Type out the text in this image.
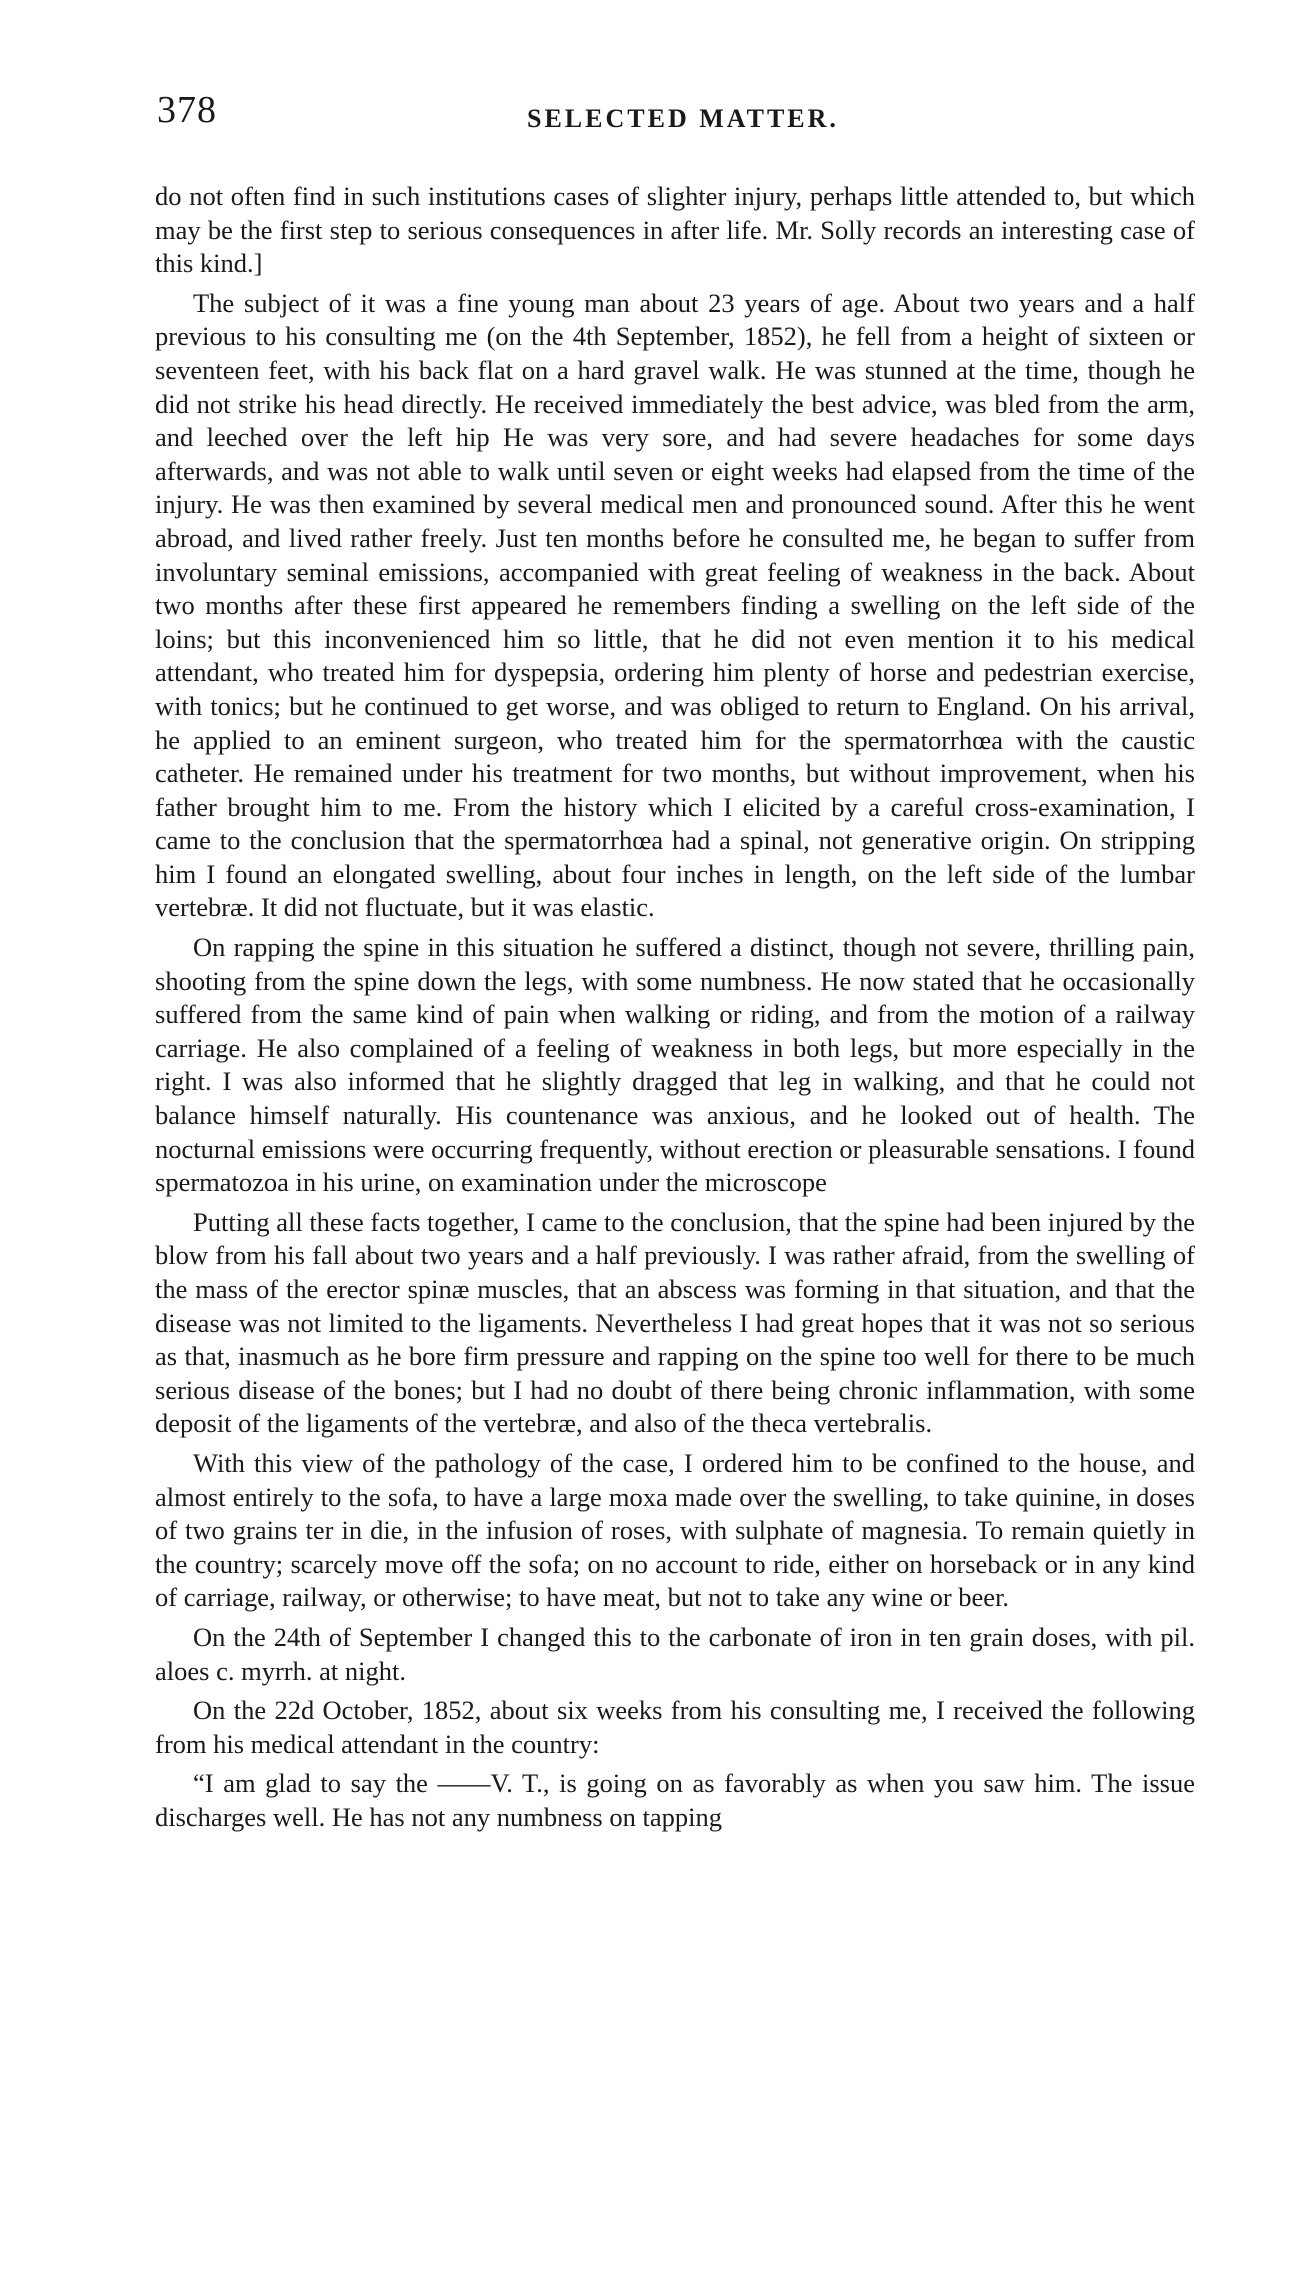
378	SELECTED MATTER.

do not often find in such institutions cases of slighter injury, perhaps little attended to, but which may be the first step to serious consequences in after life. Mr. Solly records an interesting case of this kind.]

The subject of it was a fine young man about 23 years of age. About two years and a half previous to his consulting me (on the 4th September, 1852), he fell from a height of sixteen or seventeen feet, with his back flat on a hard gravel walk. He was stunned at the time, though he did not strike his head directly. He received immediately the best advice, was bled from the arm, and leeched over the left hip He was very sore, and had severe headaches for some days afterwards, and was not able to walk until seven or eight weeks had elapsed from the time of the injury. He was then examined by several medical men and pronounced sound. After this he went abroad, and lived rather freely. Just ten months before he consulted me, he began to suffer from involuntary seminal emissions, accompanied with great feeling of weakness in the back. About two months after these first appeared he remembers finding a swelling on the left side of the loins; but this inconvenienced him so little, that he did not even mention it to his medical attendant, who treated him for dyspepsia, ordering him plenty of horse and pedestrian exercise, with tonics; but he continued to get worse, and was obliged to return to England. On his arrival, he applied to an eminent surgeon, who treated him for the spermatorrhœa with the caustic catheter. He remained under his treatment for two months, but without improvement, when his father brought him to me. From the history which I elicited by a careful cross-examination, I came to the conclusion that the spermatorrhœa had a spinal, not generative origin. On stripping him I found an elongated swelling, about four inches in length, on the left side of the lumbar vertebræ. It did not fluctuate, but it was elastic.

On rapping the spine in this situation he suffered a distinct, though not severe, thrilling pain, shooting from the spine down the legs, with some numbness. He now stated that he occasionally suffered from the same kind of pain when walking or riding, and from the motion of a railway carriage. He also complained of a feeling of weakness in both legs, but more especially in the right. I was also informed that he slightly dragged that leg in walking, and that he could not balance himself naturally. His countenance was anxious, and he looked out of health. The nocturnal emissions were occurring frequently, without erection or pleasurable sensations. I found spermatozoa in his urine, on examination under the microscope

Putting all these facts together, I came to the conclusion, that the spine had been injured by the blow from his fall about two years and a half previously. I was rather afraid, from the swelling of the mass of the erector spinæ muscles, that an abscess was forming in that situation, and that the disease was not limited to the ligaments. Nevertheless I had great hopes that it was not so serious as that, inasmuch as he bore firm pressure and rapping on the spine too well for there to be much serious disease of the bones; but I had no doubt of there being chronic inflammation, with some deposit of the ligaments of the vertebræ, and also of the theca vertebralis.

With this view of the pathology of the case, I ordered him to be confined to the house, and almost entirely to the sofa, to have a large moxa made over the swelling, to take quinine, in doses of two grains ter in die, in the infusion of roses, with sulphate of magnesia. To remain quietly in the country; scarcely move off the sofa; on no account to ride, either on horseback or in any kind of carriage, railway, or otherwise; to have meat, but not to take any wine or beer.

On the 24th of September I changed this to the carbonate of iron in ten grain doses, with pil. aloes c. myrrh. at night.

On the 22d October, 1852, about six weeks from his consulting me, I received the following from his medical attendant in the country:

“I am glad to say the ——V. T., is going on as favorably as when you saw him. The issue discharges well. He has not any numbness on tapping
